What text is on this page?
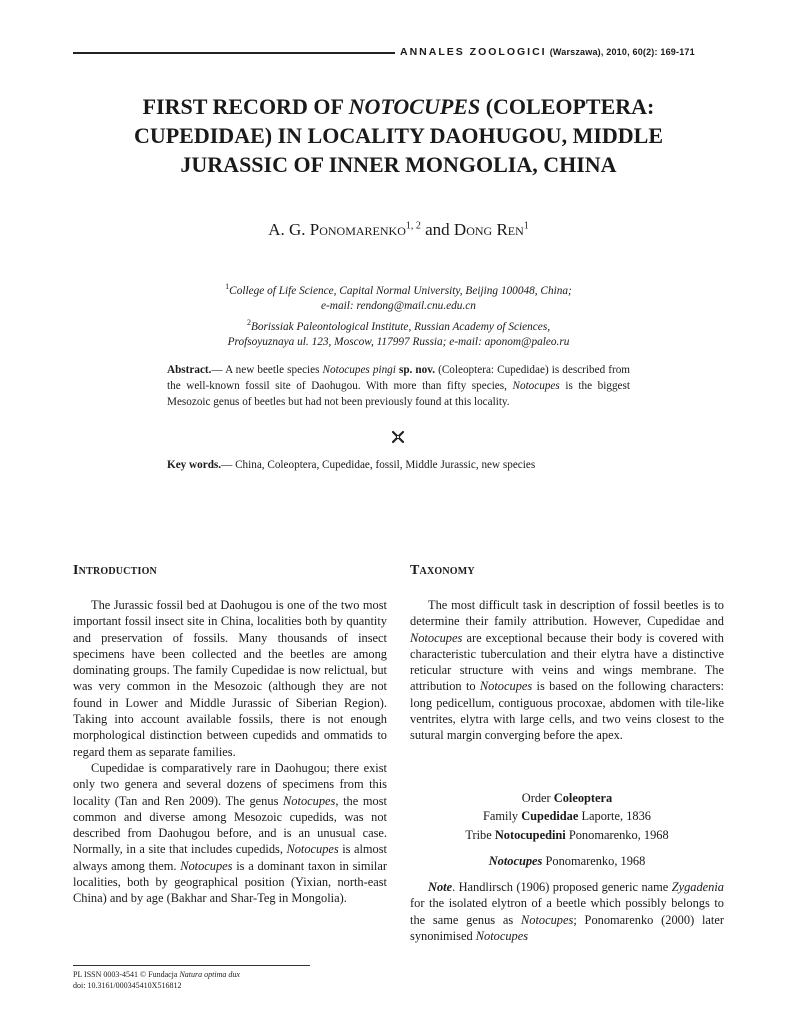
ANNALES ZOOLOGICI (Warszawa), 2010, 60(2): 169-171
FIRST RECORD OF NOTOCUPES (COLEOPTERA: CUPEDIDAE) IN LOCALITY DAOHUGOU, MIDDLE JURASSIC OF INNER MONGOLIA, CHINA
A. G. Ponomarenko$^{1, 2}$ and Dong Ren$^1$
$^1$College of Life Science, Capital Normal University, Beijing 100048, China;
e-mail: rendong@mail.cnu.edu.cn
$^2$Borissiak Paleontological Institute, Russian Academy of Sciences,
Profsoyuznaya ul. 123, Moscow, 117997 Russia; e-mail: aponom@paleo.ru
Abstract.— A new beetle species Notocupes pingi sp. nov. (Coleoptera: Cupedidae) is described from the well-known fossil site of Daohugou. With more than fifty species, Notocupes is the biggest Mesozoic genus of beetles but had not been previously found at this locality.
Key words.— China, Coleoptera, Cupedidae, fossil, Middle Jurassic, new species
Introduction

The Jurassic fossil bed at Daohugou is one of the two most important fossil insect site in China, localities both by quantity and preservation of fossils. Many thousands of insect specimens have been collected and the beetles are among dominating groups. The family Cupedidae is now relictual, but was very common in the Mesozoic (although they are not found in Lower and Middle Jurassic of Siberian Region). Taking into account available fossils, there is not enough morphological distinction between cupedids and ommatids to regard them as separate families.

Cupedidae is comparatively rare in Daohugou; there exist only two genera and several dozens of specimens from this locality (Tan and Ren 2009). The genus Notocupes, the most common and diverse among Mesozoic cupedids, was not described from Daohugou before, and is an unusual case. Normally, in a site that includes cupedids, Notocupes is almost always among them. Notocupes is a dominant taxon in similar localities, both by geographical position (Yixian, north-east China) and by age (Bakhar and Shar-Teg in Mongolia).

Taxonomy

The most difficult task in description of fossil beetles is to determine their family attribution. However, Cupedidae and Notocupes are exceptional because their body is covered with characteristic tuberculation and their elytra have a distinctive reticular structure with veins and wings membrane. The attribution to Notocupes is based on the following characters: long pedicellum, contiguous procoxae, abdomen with tile-like ventrites, elytra with large cells, and two veins closest to the sutural margin converging before the apex.

Order Coleoptera

Family Cupedidae Laporte, 1836

Tribe Notocupedini Ponomarenko, 1968

Notocupes Ponomarenko, 1968

Note. Handlirsch (1906) proposed generic name Zygadenia for the isolated elytron of a beetle which possibly belongs to the same genus as Notocupes; Ponomarenko (2000) later synonimised Notocupes

PL ISSN 0003-4541 © Fundacja Natura optima dux
doi: 10.3161/000345410X516812
